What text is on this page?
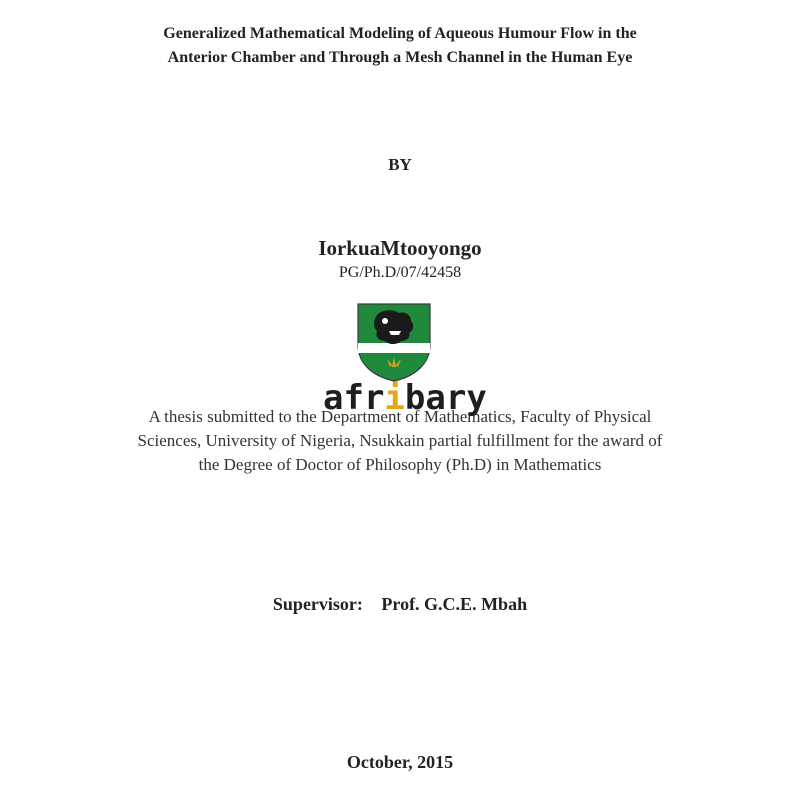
Generalized Mathematical Modeling of Aqueous Humour Flow in the
Anterior Chamber and Through a Mesh Channel in the Human Eye
BY
IorkuaMtooyongo
PG/Ph.D/07/42458
afribary
A thesis submitted to the Department of Mathematics, Faculty of Physical
Sciences, University of Nigeria, Nsukkain partial fulfillment for the award of
the Degree of Doctor of Philosophy (Ph.D) in Mathematics
Supervisor: Prof. G.C.E. Mbah
October, 2015
